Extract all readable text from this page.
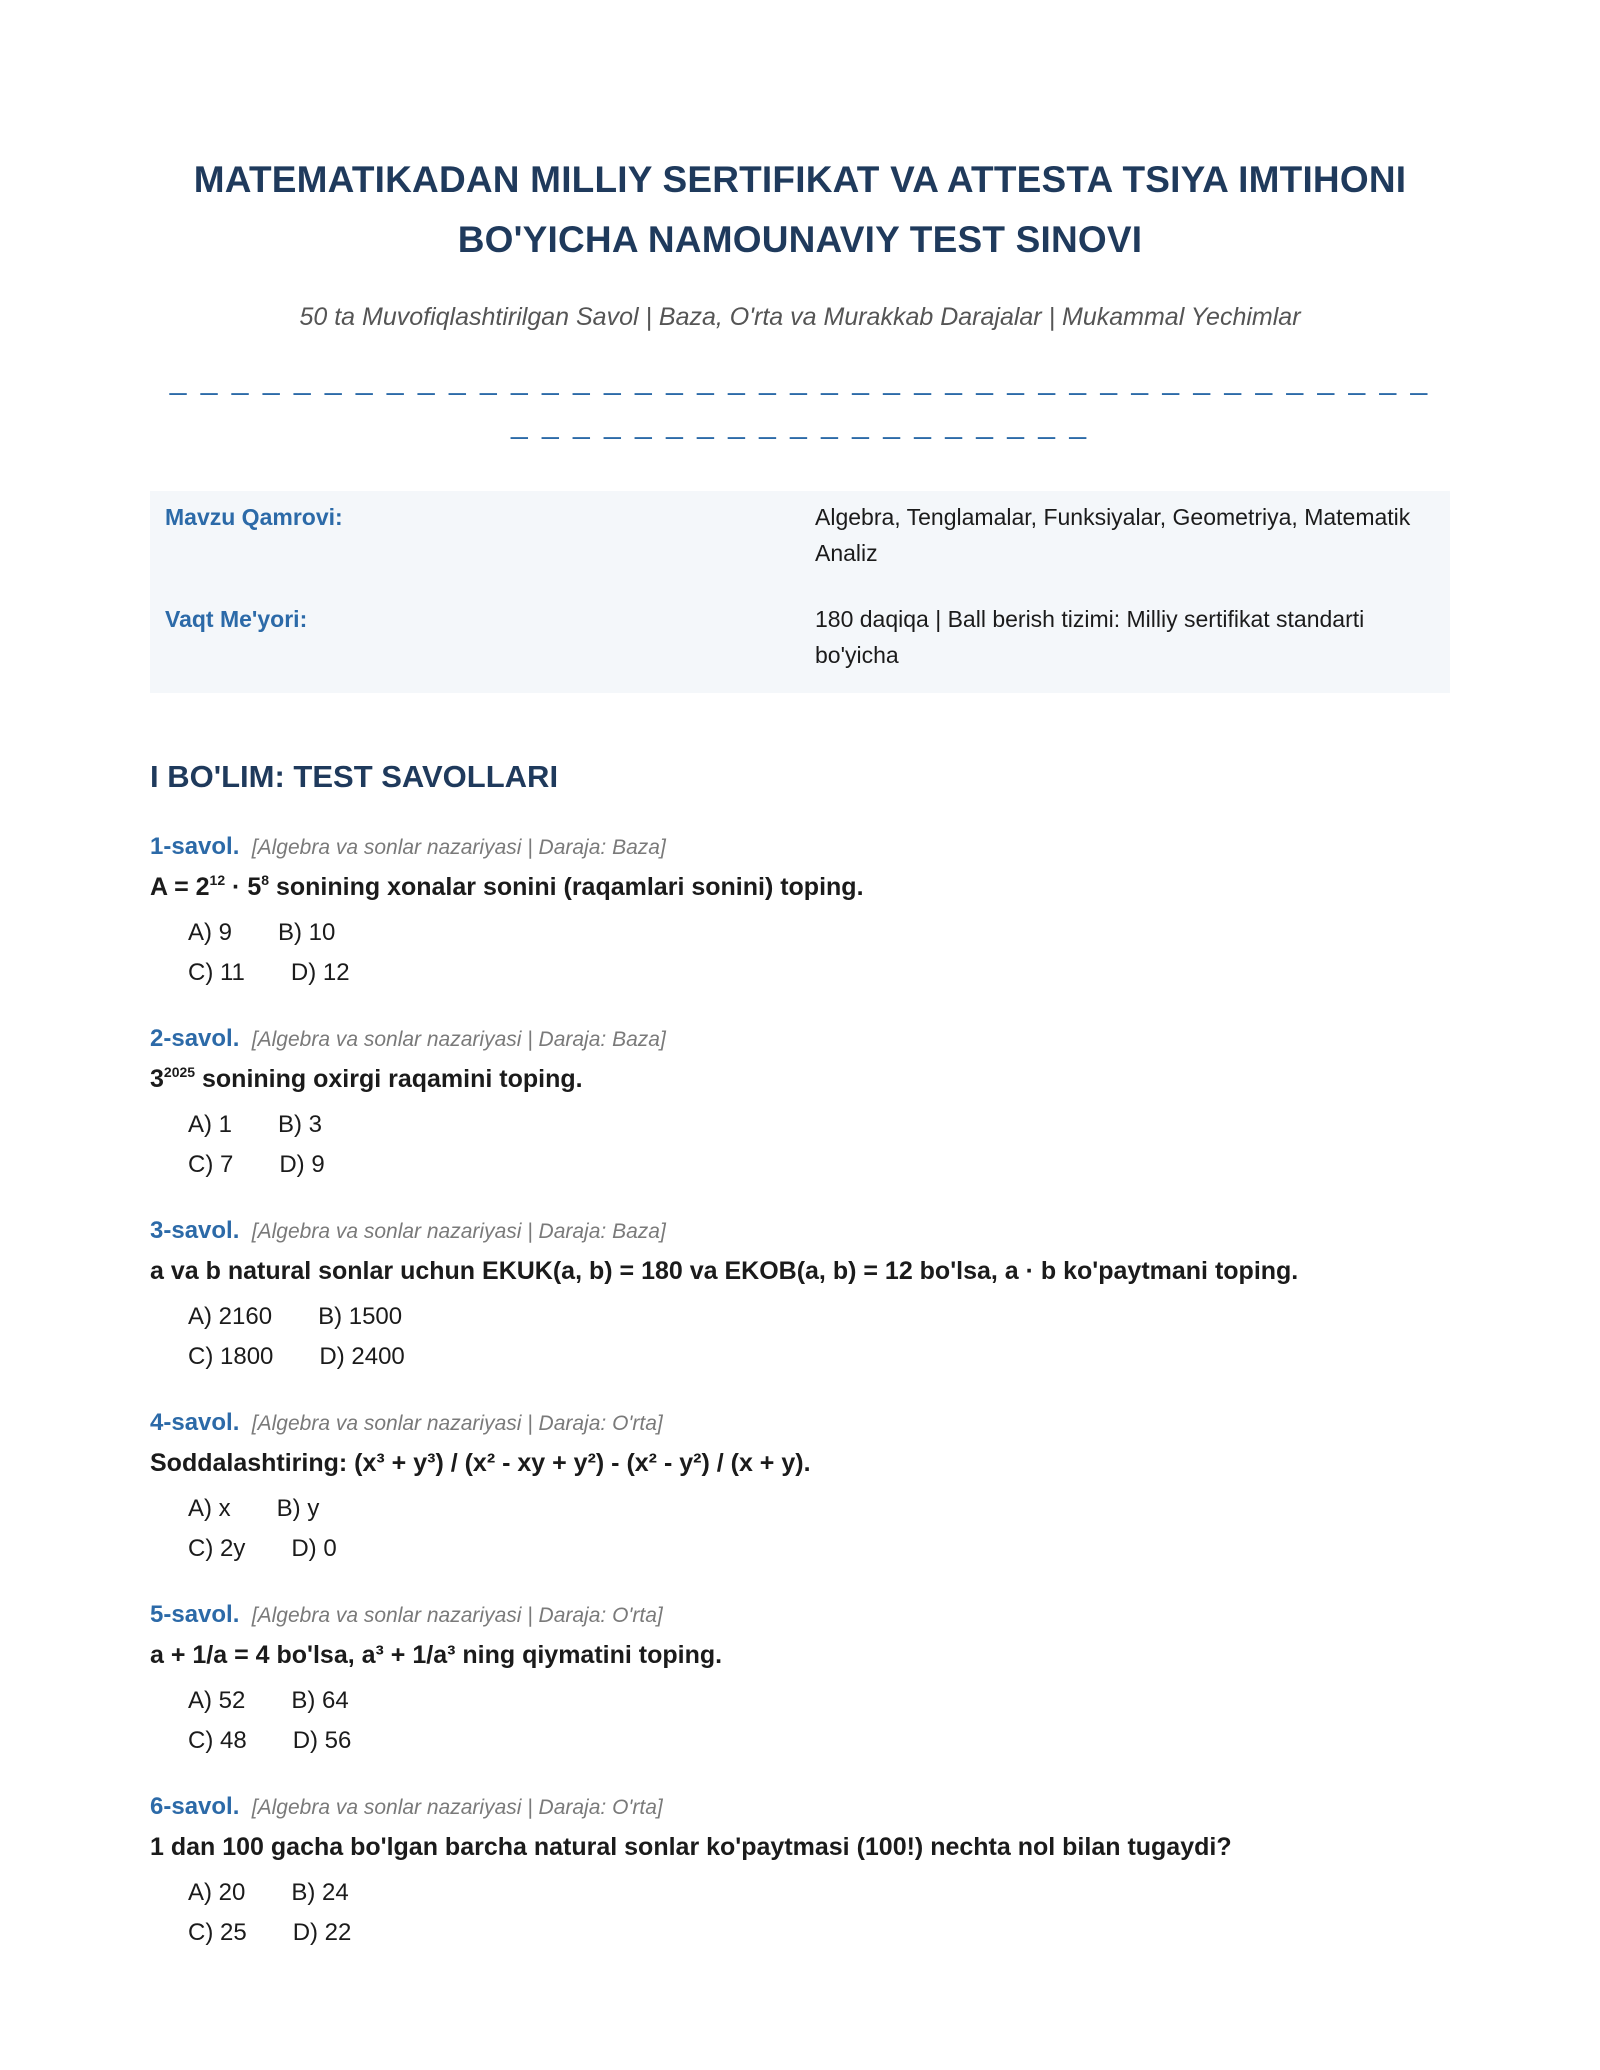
MATEMATIKADAN MILLIY SERTIFIKAT VA ATTESTA TSIYA IMTIHONI
BO'YICHA NAMOUNAVIY TEST SINOVI
50 ta Muvofiqlashtirilgan Savol | Baza, O'rta va Murakkab Darajalar | Mukammal Yechimlar
_ _ _ _ _ _ _ _ _ _ _ _ _ _ _ _ _ _ _ _ _ _ _ _ _ _ _ _ _ _ _ _ _ _ _ _ _ _ _ _ _ _ _ _ _ _ _ _ _ _ _ _ _ _ _ _ _ _ _ _
Mavzu Qamrovi:	Algebra, Tenglamalar, Funksiyalar, Geometriya, Matematik Analiz
Vaqt Me'yori:	180 daqiqa | Ball berish tizimi: Milliy sertifikat standarti bo'yicha
I BO'LIM: TEST SAVOLLARI
1-savol. [Algebra va sonlar nazariyasi | Daraja: Baza]
$A = 2^{12} \cdot 5^8$ sonining xonalar sonini (raqamlari sonini) toping.
A) 9 B) 10
C) 11 D) 12
2-savol. [Algebra va sonlar nazariyasi | Daraja: Baza]
$3^{2025}$ sonining oxirgi raqamini toping.
A) 1 B) 3
C) 7 D) 9
3-savol. [Algebra va sonlar nazariyasi | Daraja: Baza]
a va b natural sonlar uchun EKUK(a, b) = 180 va EKOB(a, b) = 12 bo'lsa, a · b ko'paytmani toping.
A) 2160 B) 1500
C) 1800 D) 2400
4-savol. [Algebra va sonlar nazariyasi | Daraja: O'rta]
Soddalashtiring: (x³ + y³) / (x² - xy + y²) - (x² - y²) / (x + y).
A) x B) y
C) 2y D) 0
5-savol. [Algebra va sonlar nazariyasi | Daraja: O'rta]
a + 1/a = 4 bo'lsa, a³ + 1/a³ ning qiymatini toping.
A) 52 B) 64
C) 48 D) 56
6-savol. [Algebra va sonlar nazariyasi | Daraja: O'rta]
1 dan 100 gacha bo'lgan barcha natural sonlar ko'paytmasi (100!) nechta nol bilan tugaydi?
A) 20 B) 24
C) 25 D) 22
